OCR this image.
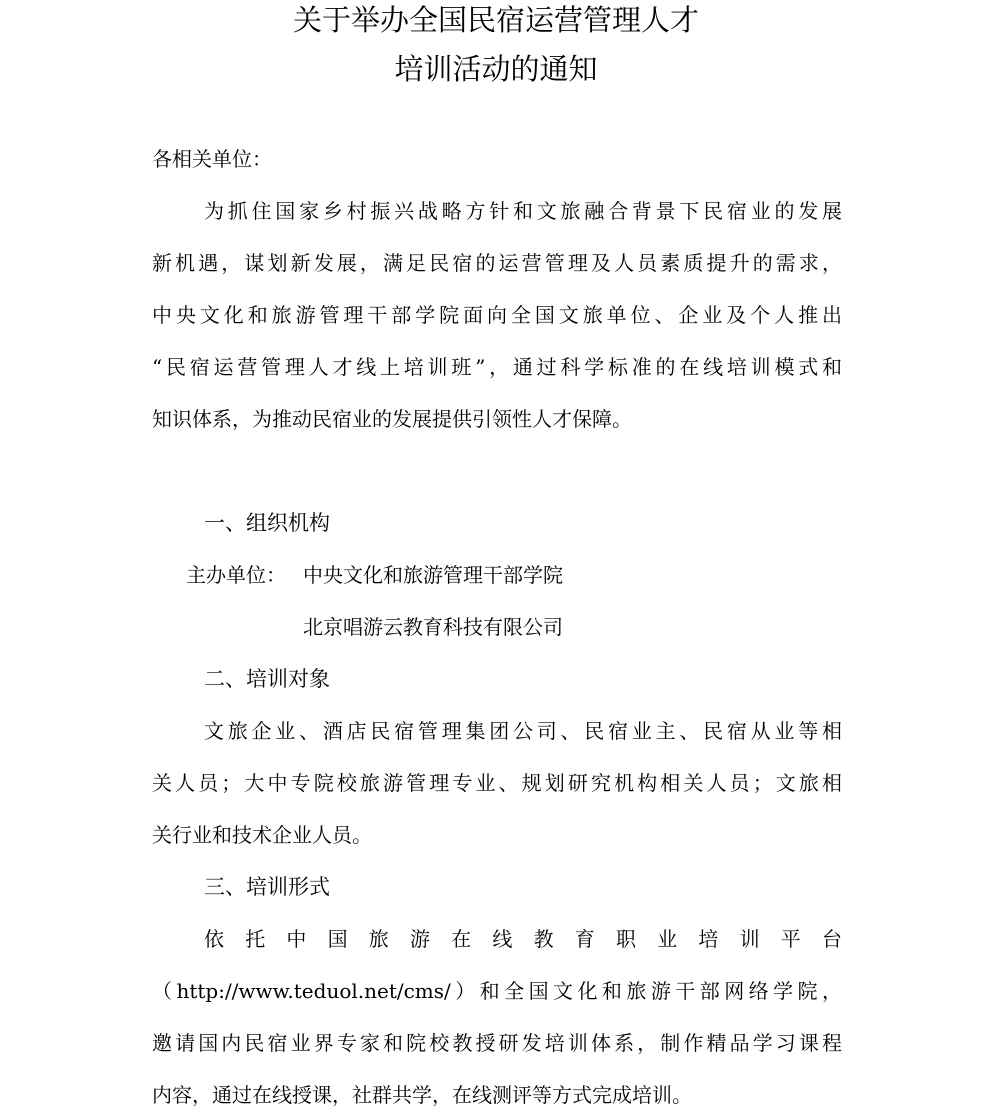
关于举办全国民宿运营管理人才
培训活动的通知
各相关单位：
为抓住国家乡村振兴战略方针和文旅融合背景下民宿业的发展
新机遇，谋划新发展，满足民宿的运营管理及人员素质提升的需求，
中央文化和旅游管理干部学院面向全国文旅单位、企业及个人推出
“民宿运营管理人才线上培训班”，通过科学标准的在线培训模式和
知识体系，为推动民宿业的发展提供引领性人才保障。
一、组织机构
主办单位： 中央文化和旅游管理干部学院
北京唱游云教育科技有限公司
二、培训对象
文旅企业、酒店民宿管理集团公司、民宿业主、民宿从业等相
关人员；大中专院校旅游管理专业、规划研究机构相关人员；文旅相
关行业和技术企业人员。
三、培训形式
依托中国旅游在线教育职业培训平台
（http://www.teduol.net/cms/）和全国文化和旅游干部网络学院，
邀请国内民宿业界专家和院校教授研发培训体系，制作精品学习课程
内容，通过在线授课，社群共学，在线测评等方式完成培训。
